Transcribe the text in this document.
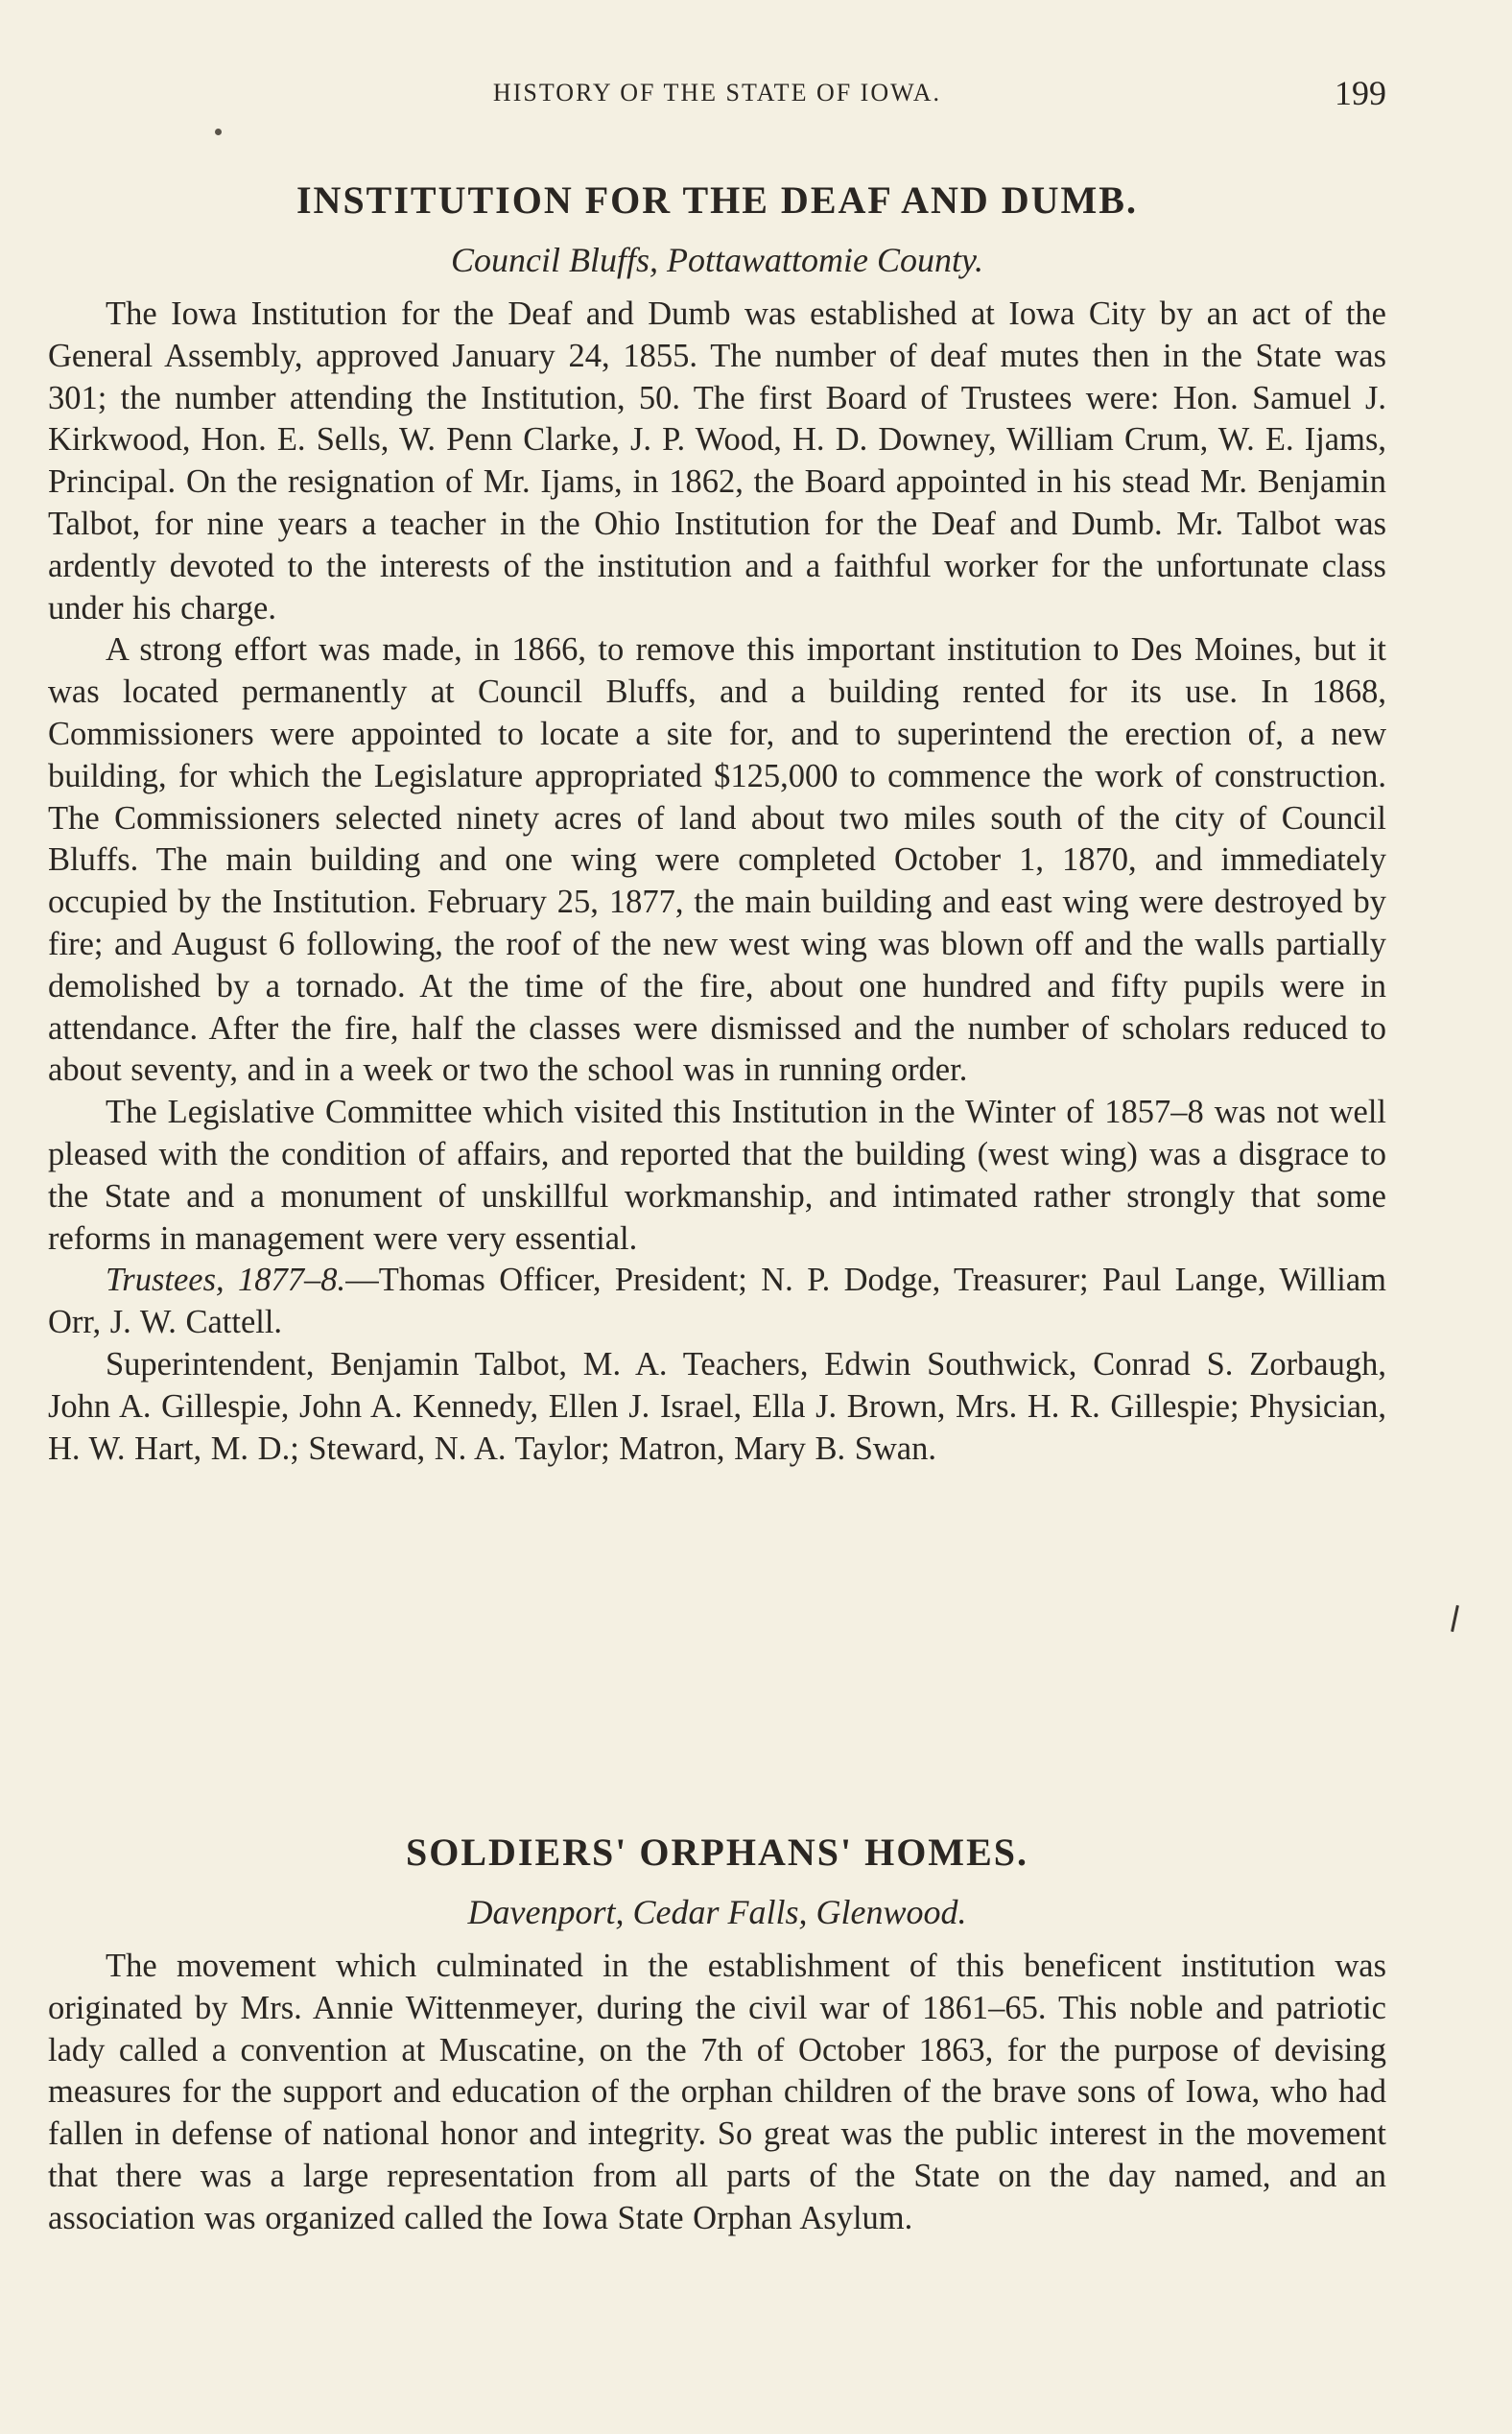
HISTORY OF THE STATE OF IOWA.	199
INSTITUTION FOR THE DEAF AND DUMB.
Council Bluffs, Pottawattomie County.

The Iowa Institution for the Deaf and Dumb was established at Iowa City by an act of the General Assembly, approved January 24, 1855. The number of deaf mutes then in the State was 301; the number attending the Institution, 50. The first Board of Trustees were: Hon. Samuel J. Kirkwood, Hon. E. Sells, W. Penn Clarke, J. P. Wood, H. D. Downey, William Crum, W. E. Ijams, Principal. On the resignation of Mr. Ijams, in 1862, the Board appointed in his stead Mr. Benjamin Talbot, for nine years a teacher in the Ohio Institution for the Deaf and Dumb. Mr. Talbot was ardently devoted to the interests of the institution and a faithful worker for the unfortunate class under his charge.

A strong effort was made, in 1866, to remove this important institution to Des Moines, but it was located permanently at Council Bluffs, and a building rented for its use. In 1868, Commissioners were appointed to locate a site for, and to superintend the erection of, a new building, for which the Legislature appropriated $125,000 to commence the work of construction. The Commissioners selected ninety acres of land about two miles south of the city of Council Bluffs. The main building and one wing were completed October 1, 1870, and immediately occupied by the Institution. February 25, 1877, the main building and east wing were destroyed by fire; and August 6 following, the roof of the new west wing was blown off and the walls partially demolished by a tornado. At the time of the fire, about one hundred and fifty pupils were in attendance. After the fire, half the classes were dismissed and the number of scholars reduced to about seventy, and in a week or two the school was in running order.

The Legislative Committee which visited this Institution in the Winter of 1857–8 was not well pleased with the condition of affairs, and reported that the building (west wing) was a disgrace to the State and a monument of unskillful workmanship, and intimated rather strongly that some reforms in management were very essential.

Trustees, 1877–8.—Thomas Officer, President; N. P. Dodge, Treasurer; Paul Lange, William Orr, J. W. Cattell.

Superintendent, Benjamin Talbot, M. A. Teachers, Edwin Southwick, Conrad S. Zorbaugh, John A. Gillespie, John A. Kennedy, Ellen J. Israel, Ella J. Brown, Mrs. H. R. Gillespie; Physician, H. W. Hart, M. D.; Steward, N. A. Taylor; Matron, Mary B. Swan.

SOLDIERS' ORPHANS' HOMES.
Davenport, Cedar Falls, Glenwood.

The movement which culminated in the establishment of this beneficent institution was originated by Mrs. Annie Wittenmeyer, during the civil war of 1861–65. This noble and patriotic lady called a convention at Muscatine, on the 7th of October 1863, for the purpose of devising measures for the support and education of the orphan children of the brave sons of Iowa, who had fallen in defense of national honor and integrity. So great was the public interest in the movement that there was a large representation from all parts of the State on the day named, and an association was organized called the Iowa State Orphan Asylum.
